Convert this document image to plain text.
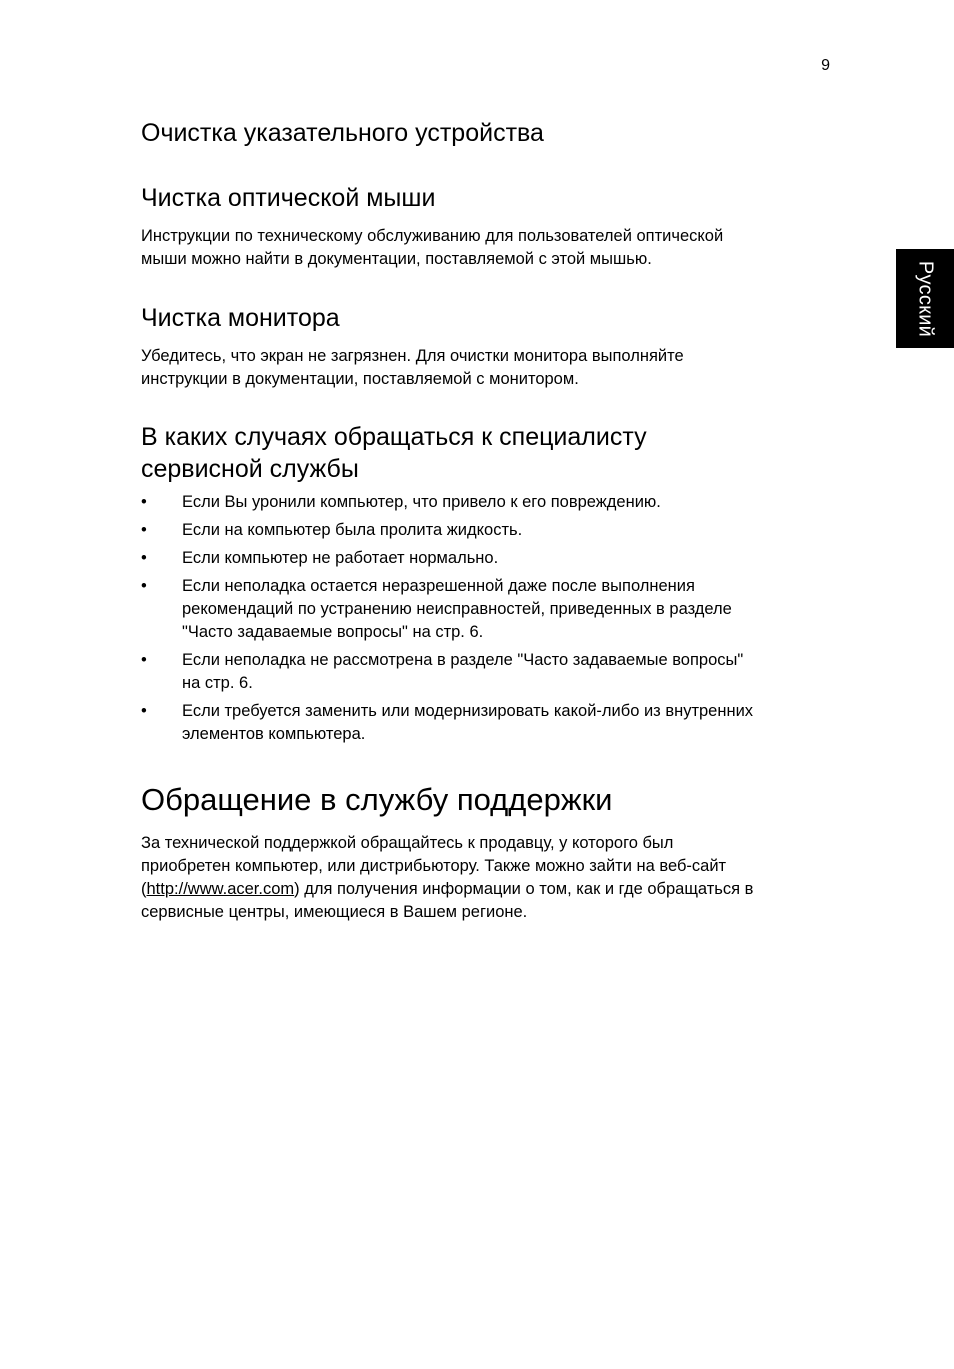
9
Русский
Очистка указательного устройства
Чистка оптической мыши

Инструкции по техническому обслуживанию для пользователей оптической
мыши можно найти в документации, поставляемой с этой мышью.

Чистка монитора

Убедитесь, что экран не загрязнен. Для очистки монитора выполняйте
инструкции в документации, поставляемой с монитором.

В каких случаях обращаться к специалисту
сервисной службы
• Если Вы уронили компьютер, что привело к его повреждению.
• Если на компьютер была пролита жидкость.
• Если компьютер не работает нормально.
• Если неполадка остается неразрешенной даже после выполнения
рекомендаций по устранению неисправностей, приведенных в разделе
"Часто задаваемые вопросы" на стр. 6.
• Если неполадка не рассмотрена в разделе "Часто задаваемые вопросы"
на стр. 6.
• Если требуется заменить или модернизировать какой-либо из внутренних
элементов компьютера.
Обращение в службу поддержки

За технической поддержкой обращайтесь к продавцу, у которого был
приобретен компьютер, или дистрибьютору. Также можно зайти на веб-сайт
(http://www.acer.com) для получения информации о том, как и где обращаться в
сервисные центры, имеющиеся в Вашем регионе.
